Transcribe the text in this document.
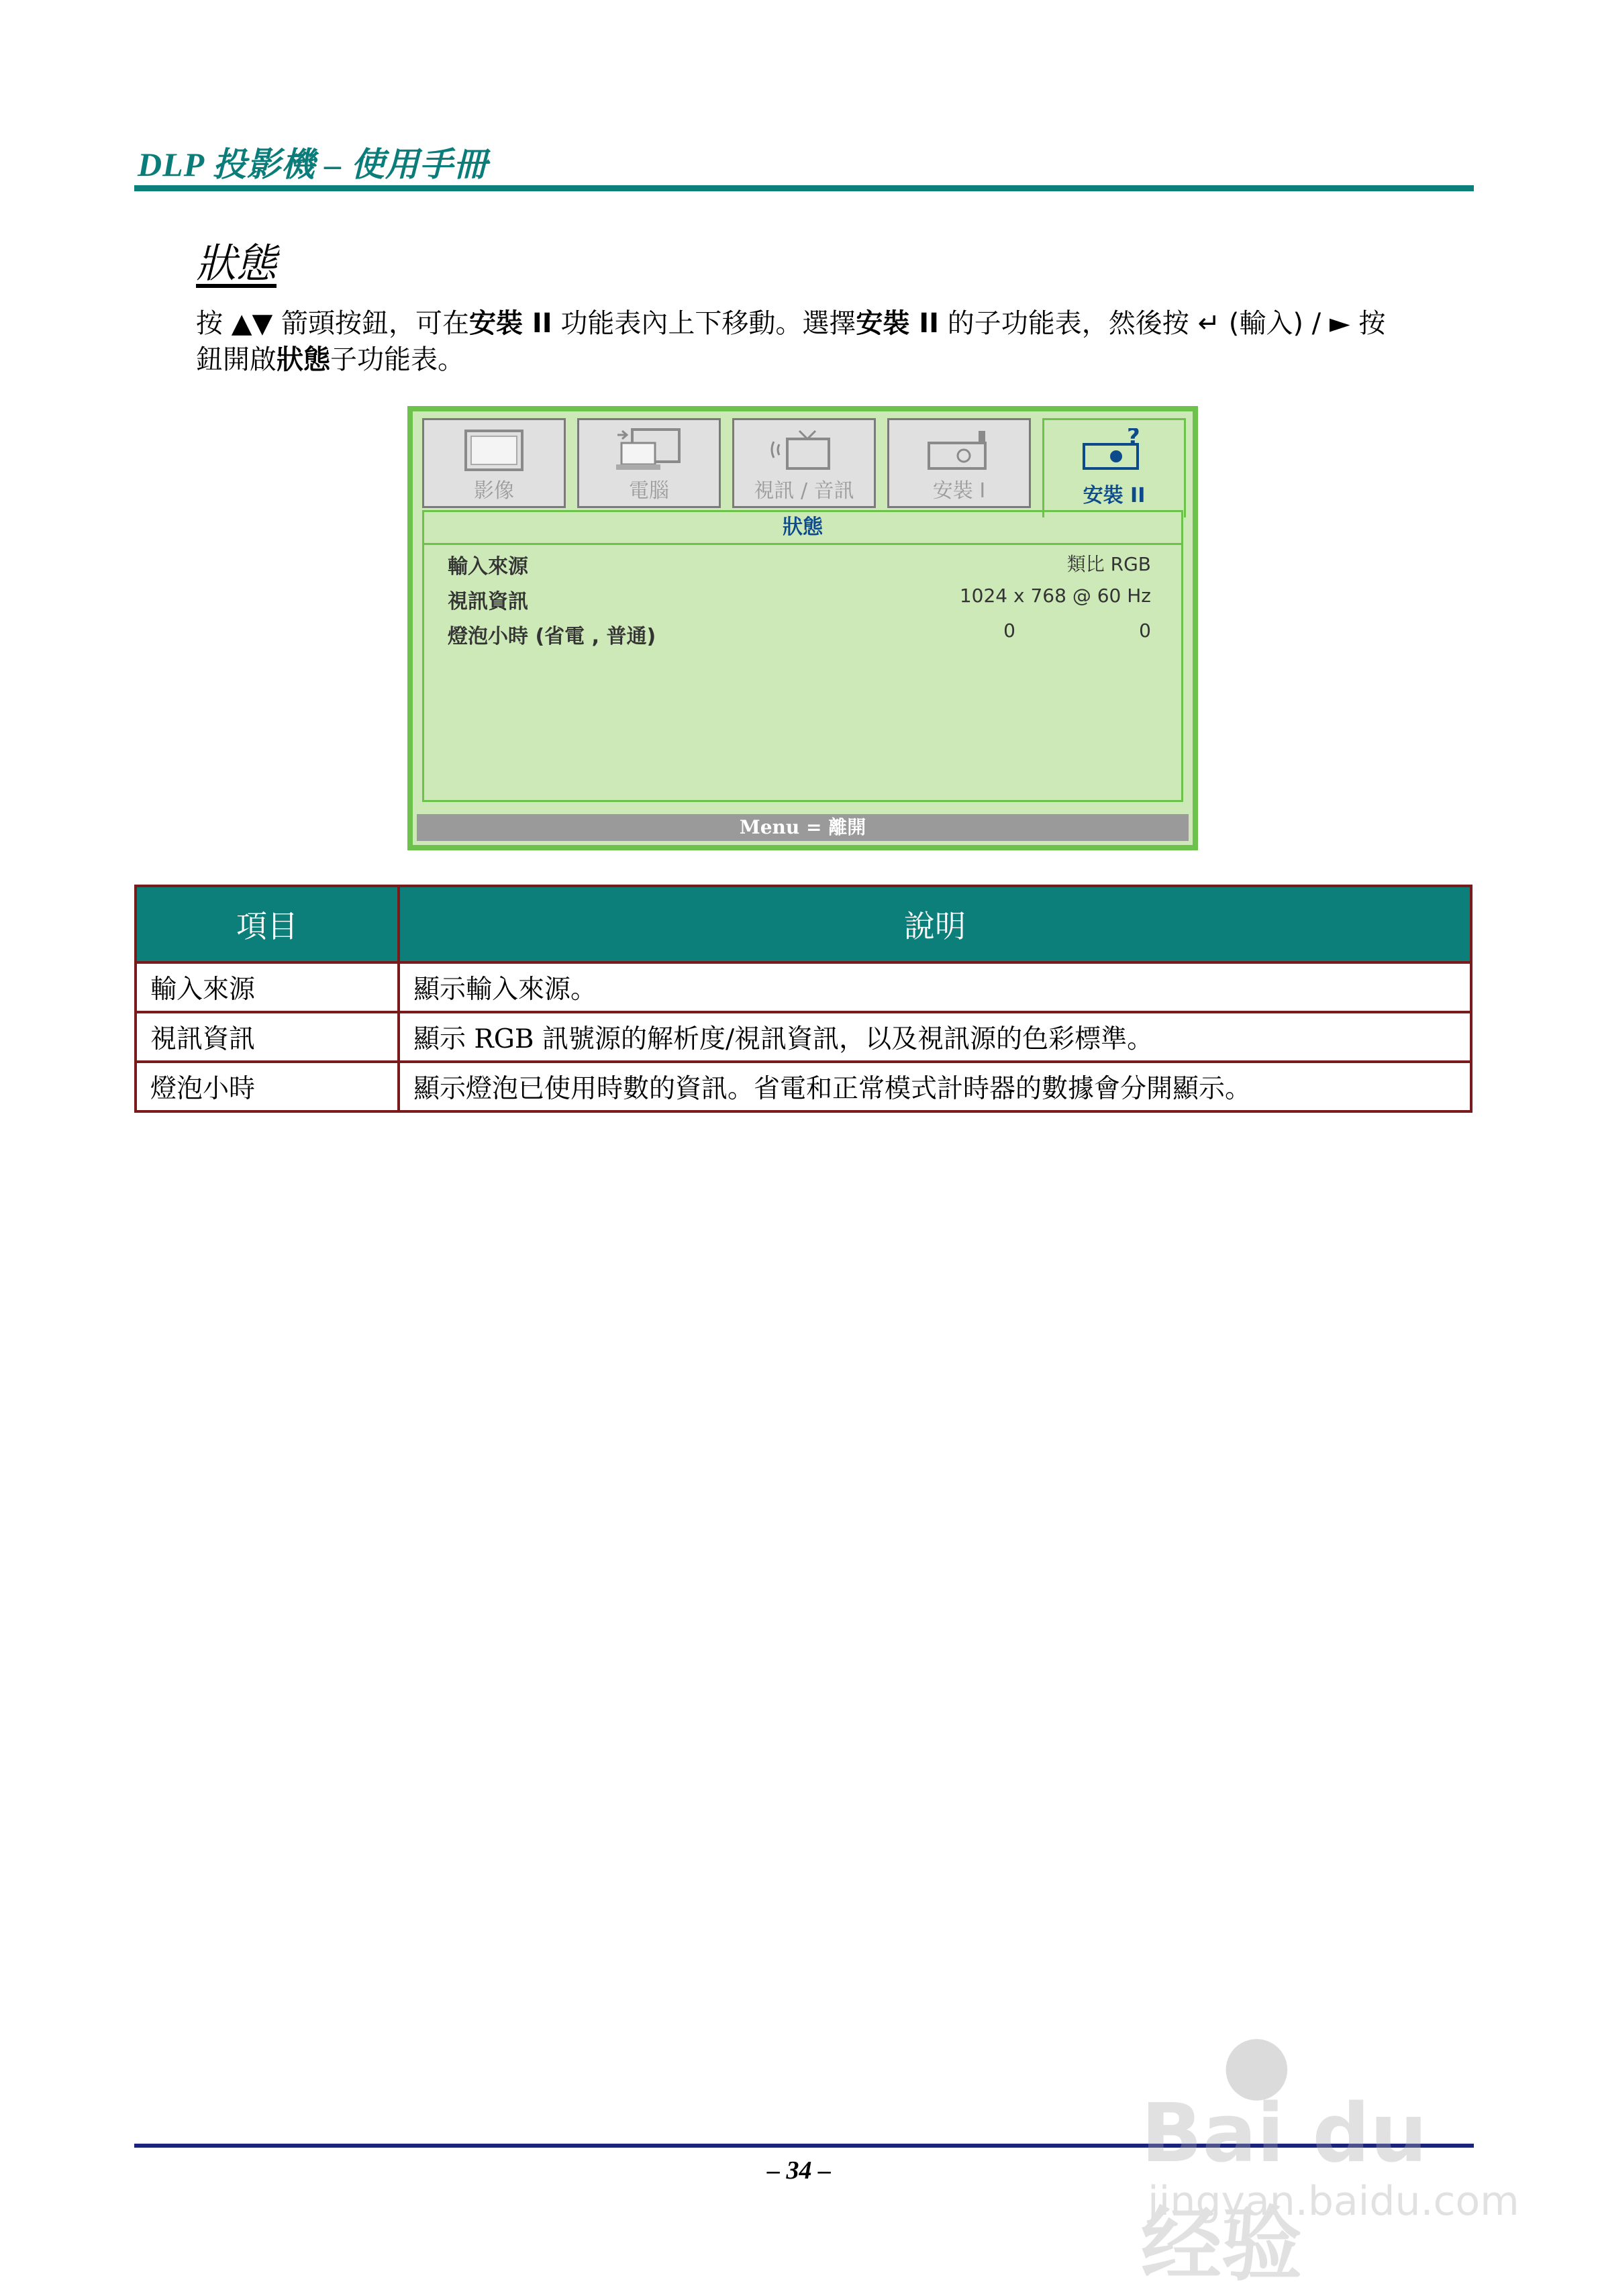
DLP 投影機 – 使用手冊
狀態
按 ▲▼ 箭頭按鈕，可在安裝 II 功能表內上下移動。選擇安裝 II 的子功能表，然後按 ↵ (輸入) / ► 按
鈕開啟狀態子功能表。
影像	電腦	視訊 / 音訊	安裝 I
?
安裝 II
狀態
輸入來源	類比 RGB
視訊資訊	1024 x 768 @ 60 Hz
燈泡小時 (省電 , 普通)	0	0
Menu = 離開
項目	說明
輸入來源	顯示輸入來源。
視訊資訊	顯示 RGB 訊號源的解析度/視訊資訊，以及視訊源的色彩標準。
燈泡小時	顯示燈泡已使用時數的資訊。省電和正常模式計時器的數據會分開顯示。
– 34 –
●
Bai du 经验
jingyan.baidu.com
